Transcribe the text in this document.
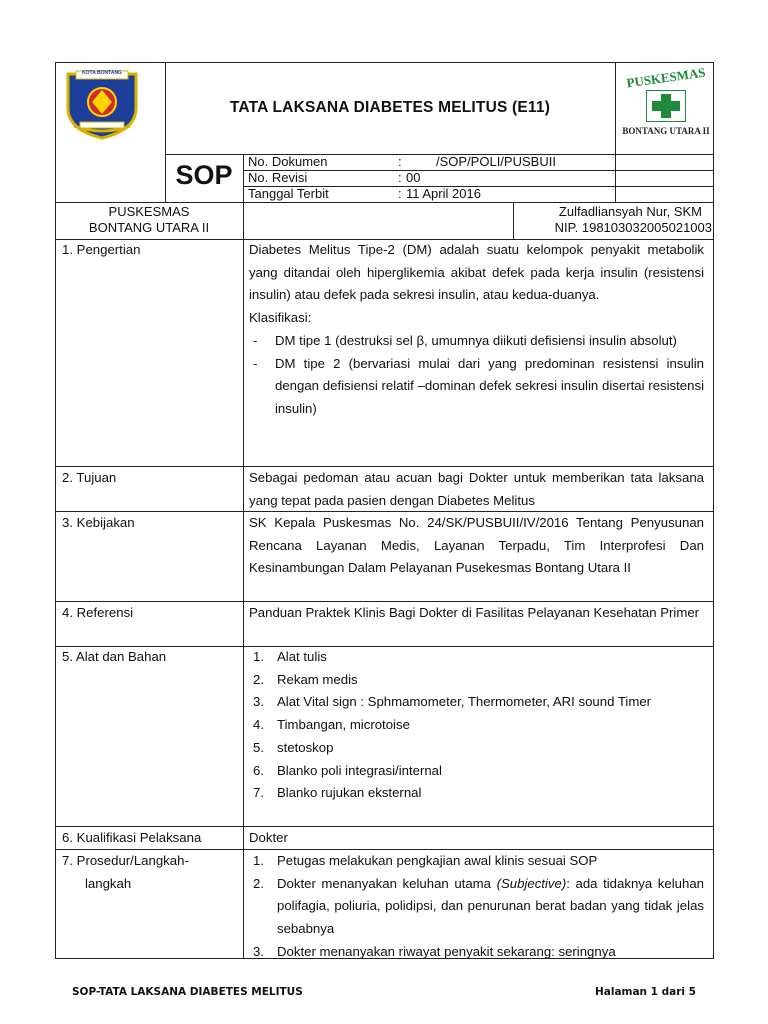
KOTA BONTANG
TATA LAKSANA DIABETES MELITUS (E11)
PUSKESMAS
BONTANG UTARA II
SOP	No. Dokumen	:	/SOP/POLI/PUSBUII
No. Revisi	: 00
Tanggal Terbit	: 11 April 2016
PUSKESMAS
BONTANG UTARA II
Zulfadliansyah Nur, SKM
NIP. 198103032005021003
1. Pengertian	Diabetes Melitus Tipe-2 (DM) adalah suatu kelompok penyakit metabolik yang ditandai oleh hiperglikemia akibat defek pada kerja insulin (resistensi insulin) atau defek pada sekresi insulin, atau kedua-duanya.
Klasifikasi:
- DM tipe 1 (destruksi sel β, umumnya diikuti defisiensi insulin absolut)
- DM tipe 2 (bervariasi mulai dari yang predominan resistensi insulin dengan defisiensi relatif –dominan defek sekresi insulin disertai resistensi insulin)
2. Tujuan	Sebagai pedoman atau acuan bagi Dokter untuk memberikan tata laksana yang tepat pada pasien dengan Diabetes Melitus
3. Kebijakan	SK Kepala Puskesmas No. 24/SK/PUSBUII/IV/2016 Tentang Penyusunan Rencana Layanan Medis, Layanan Terpadu, Tim Interprofesi Dan Kesinambungan Dalam Pelayanan Pusekesmas Bontang Utara II
4. Referensi	Panduan Praktek Klinis Bagi Dokter di Fasilitas Pelayanan Kesehatan Primer
5. Alat dan Bahan	1. Alat tulis
2. Rekam medis
3. Alat Vital sign : Sphmamometer, Thermometer, ARI sound Timer
4. Timbangan, microtoise
5. stetoskop
6. Blanko poli integrasi/internal
7. Blanko rujukan eksternal
6. Kualifikasi Pelaksana	Dokter
7. Prosedur/Langkah-
langkah
1. Petugas melakukan pengkajian awal klinis sesuai SOP
2. Dokter menanyakan keluhan utama (Subjective): ada tidaknya keluhan polifagia, poliuria, polidipsi, dan penurunan berat badan yang tidak jelas sebabnya
3. Dokter menanyakan riwayat penyakit sekarang: seringnya
SOP-TATA LAKSANA DIABETES MELITUS	Halaman 1 dari 5
